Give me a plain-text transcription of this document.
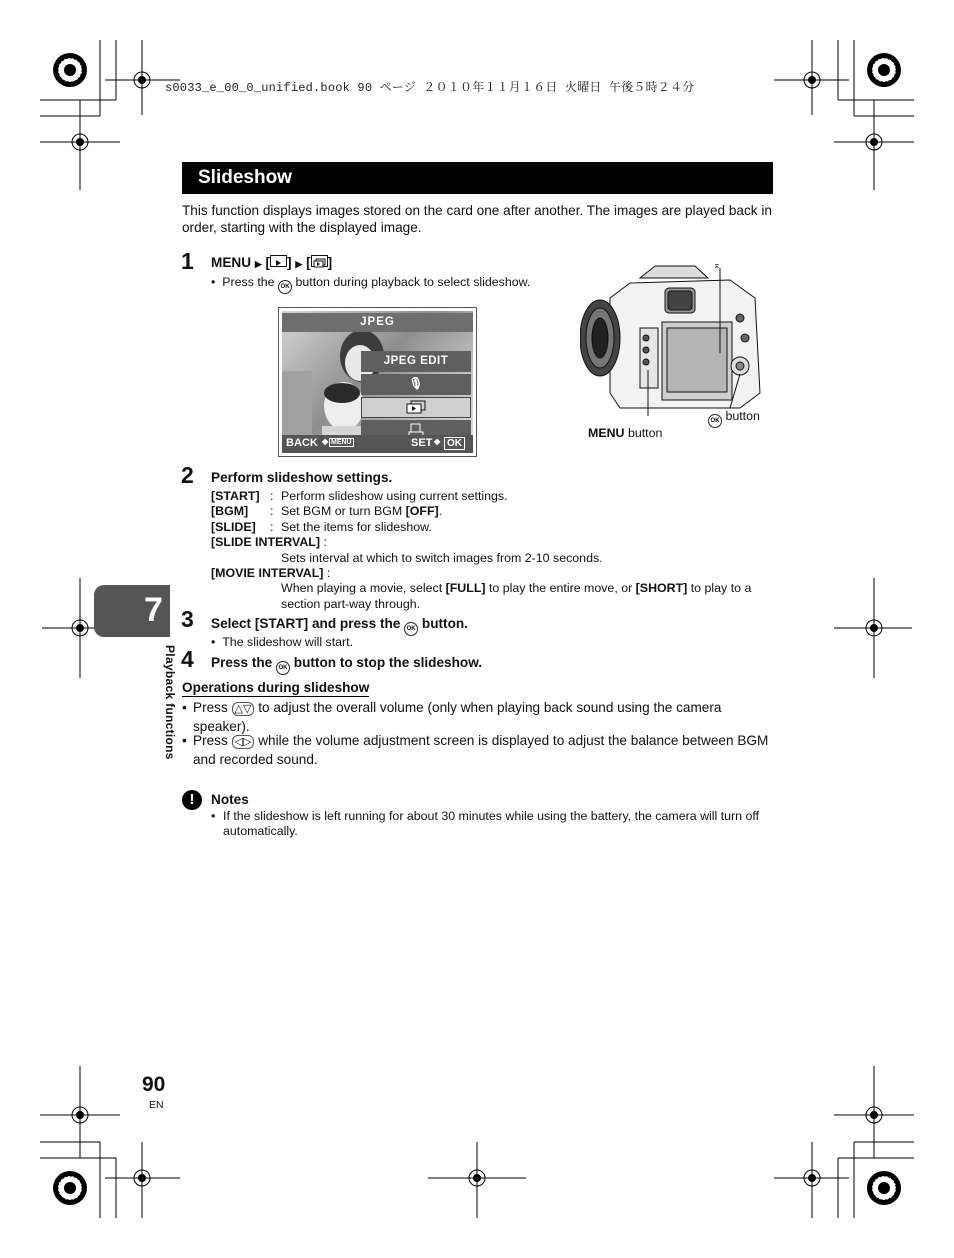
s0033_e_00_0_unified.book 90 ページ ２０１０年１１月１６日 火曜日 午後５時２４分
Slideshow
This function displays images stored on the card one after another. The images are played back in order, starting with the displayed image.
1 MENU ▶ [ ] ▶ [ ]
•  Press the OK button during playback to select slideshow.
JPEG
JPEG EDIT
🎙
BACK ◆ MENU	SET ◆ OK
⌅
OK button
MENU button
2 Perform slideshow settings.
[START] : Perform slideshow using current settings.
[BGM] : Set BGM or turn BGM [OFF].
[SLIDE] : Set the items for slideshow.
[SLIDE INTERVAL] :
Sets interval at which to switch images from 2-10 seconds.
[MOVIE INTERVAL] :
When playing a movie, select [FULL] to play the entire move, or [SHORT] to play to a section part-way through.
3 Select [START] and press the OK button.
•  The slideshow will start.
4 Press the OK button to stop the slideshow.
7
Playback functions Operations during slideshow
• Press △▽ to adjust the overall volume (only when playing back sound using the camera speaker).
• Press ◁▷ while the volume adjustment screen is displayed to adjust the balance between BGM and recorded sound.
!	Notes
• If the slideshow is left running for about 30 minutes while using the battery, the camera will turn off automatically.
90
EN
